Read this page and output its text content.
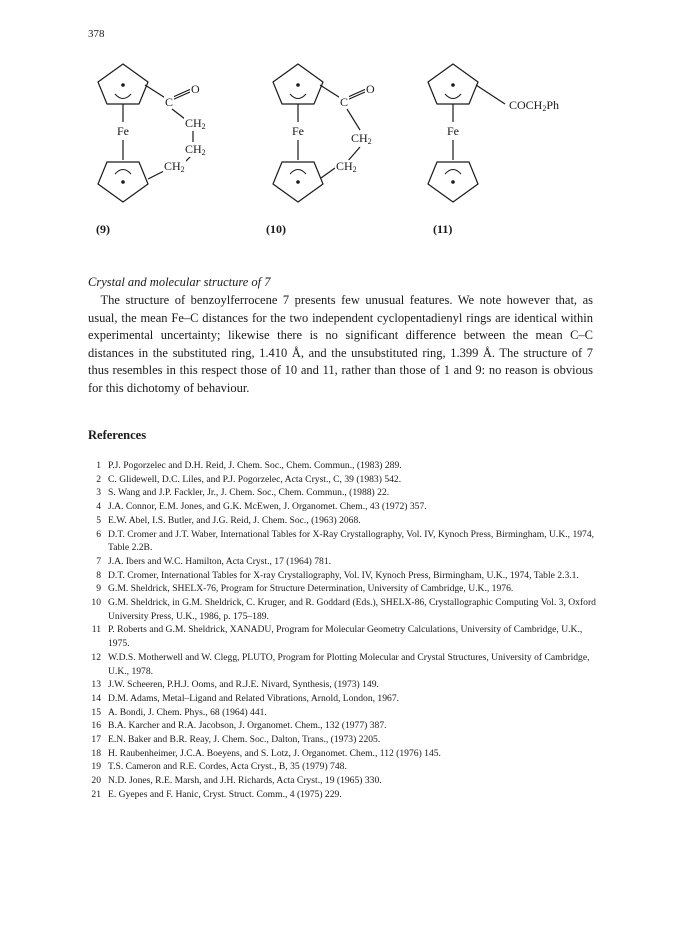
378
Fe
C
O
$CH_2$
$CH_2$
$CH_2$
Fe
C
O
$CH_2$
$CH_2$
Fe
$COCH_2Ph$
(9)	(10)	(11)
Crystal and molecular structure of 7

 The structure of benzoylferrocene 7 presents few unusual features. We note however that, as usual, the mean Fe–C distances for the two independent cyclopentadienyl rings are identical within experimental uncertainty; likewise there is no significant difference between the mean C–C distances in the substituted ring, 1.410 Å, and the unsubstituted ring, 1.399 Å. The structure of 7 thus resembles in this respect those of 10 and 11, rather than those of 1 and 9: no reason is obvious for this dichotomy of behaviour.

References
1 P.J. Pogorzelec and D.H. Reid, J. Chem. Soc., Chem. Commun., (1983) 289.
2 C. Glidewell, D.C. Liles, and P.J. Pogorzelec, Acta Cryst., C, 39 (1983) 542.
3 S. Wang and J.P. Fackler, Jr., J. Chem. Soc., Chem. Commun., (1988) 22.
4 J.A. Connor, E.M. Jones, and G.K. McEwen, J. Organomet. Chem., 43 (1972) 357.
5 E.W. Abel, I.S. Butler, and J.G. Reid, J. Chem. Soc., (1963) 2068.
6 D.T. Cromer and J.T. Waber, International Tables for X-Ray Crystallography, Vol. IV, Kynoch Press, Birmingham, U.K., 1974, Table 2.2B.
7 J.A. Ibers and W.C. Hamilton, Acta Cryst., 17 (1964) 781.
8 D.T. Cromer, International Tables for X-ray Crystallography, Vol. IV, Kynoch Press, Birmingham, U.K., 1974, Table 2.3.1.
9 G.M. Sheldrick, SHELX-76, Program for Structure Determination, University of Cambridge, U.K., 1976.
10 G.M. Sheldrick, in G.M. Sheldrick, C. Kruger, and R. Goddard (Eds.), SHELX-86, Crystallographic Computing Vol. 3, Oxford University Press, U.K., 1986, p. 175–189.
11 P. Roberts and G.M. Sheldrick, XANADU, Program for Molecular Geometry Calculations, University of Cambridge, U.K., 1975.
12 W.D.S. Motherwell and W. Clegg, PLUTO, Program for Plotting Molecular and Crystal Structures, University of Cambridge, U.K., 1978.
13 J.W. Scheeren, P.H.J. Ooms, and R.J.E. Nivard, Synthesis, (1973) 149.
14 D.M. Adams, Metal–Ligand and Related Vibrations, Arnold, London, 1967.
15 A. Bondi, J. Chem. Phys., 68 (1964) 441.
16 B.A. Karcher and R.A. Jacobson, J. Organomet. Chem., 132 (1977) 387.
17 E.N. Baker and B.R. Reay, J. Chem. Soc., Dalton, Trans., (1973) 2205.
18 H. Raubenheimer, J.C.A. Boeyens, and S. Lotz, J. Organomet. Chem., 112 (1976) 145.
19 T.S. Cameron and R.E. Cordes, Acta Cryst., B, 35 (1979) 748.
20 N.D. Jones, R.E. Marsh, and J.H. Richards, Acta Cryst., 19 (1965) 330.
21 E. Gyepes and F. Hanic, Cryst. Struct. Comm., 4 (1975) 229.
